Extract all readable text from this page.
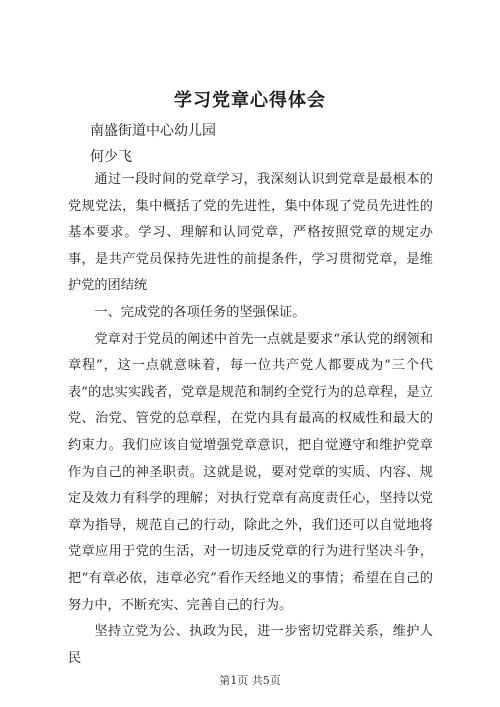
学习党章心得体会
南盛街道中心幼儿园
何少飞

通过一段时间的党章学习，我深刻认识到党章是最根本的党规党法，集中概括了党的先进性，集中体现了党员先进性的基本要求。学习、理解和认同党章，严格按照党章的规定办事，是共产党员保持先进性的前提条件，学习贯彻党章，是维护党的团结统

一、完成党的各项任务的坚强保证。

党章对于党员的阐述中首先一点就是要求“承认党的纲领和章程”，这一点就意味着，每一位共产党人都要成为“三个代表”的忠实实践者，党章是规范和制约全党行为的总章程，是立党、治党、管党的总章程，在党内具有最高的权威性和最大的约束力。我们应该自觉增强党章意识，把自觉遵守和维护党章作为自己的神圣职责。这就是说，要对党章的实质、内容、规定及效力有科学的理解；对执行党章有高度责任心，坚持以党章为指导，规范自己的行动，除此之外，我们还可以自觉地将党章应用于党的生活，对一切违反党章的行为进行坚决斗争，把“有章必依，违章必究”看作天经地义的事情；希望在自己的努力中，不断充实、完善自己的行为。

坚持立党为公、执政为民，进一步密切党群关系，维护人民

第1页 共5页
